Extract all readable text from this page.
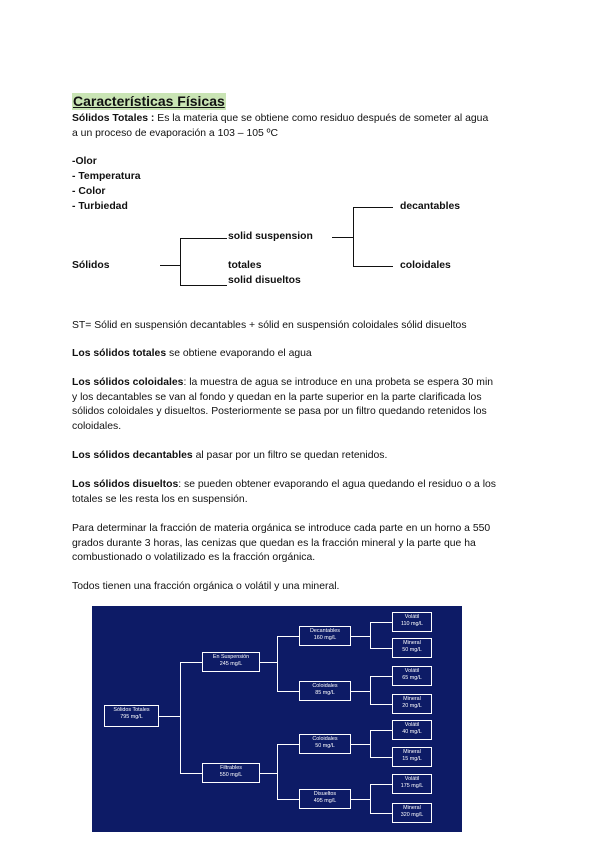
Características Físicas
Sólidos Totales : Es la materia que se obtiene como residuo después de someter al agua
a un proceso de evaporación a 103 – 105 ºC
-Olor
- Temperatura
- Color
- Turbiedad
Sólidos
solid suspension
totales
solid disueltos
decantables
coloidales
ST= Sólid en suspensión decantables + sólid en suspensión coloidales sólid disueltos
Los sólidos totales se obtiene evaporando el agua
Los sólidos coloidales: la muestra de agua se introduce en una probeta se espera 30 min
y los decantables se van al fondo y quedan en la parte superior en la parte clarificada los
sólidos coloidales y disueltos. Posteriormente se pasa por un filtro quedando retenidos los
coloidales.
Los sólidos decantables al pasar por un filtro se quedan retenidos.
Los sólidos disueltos: se pueden obtener evaporando el agua quedando el residuo o a los
totales se les resta los en suspensión.
Para determinar la fracción de materia orgánica se introduce cada parte en un horno a 550
grados durante 3 horas, las cenizas que quedan es la fracción mineral y la parte que ha
combustionado o volatilizado es la fracción orgánica.
Todos tienen una fracción orgánica o volátil y una mineral.
Sólidos Totales
795 mg/L
En Suspensión
245 mg/L
Filtrables
550 mg/L
Decantables
160 mg/L
Coloidales
85 mg/L
Coloidales
50 mg/L
Disueltos
495 mg/L
Volátil
110 mg/L
Mineral
50 mg/L
Volátil
65 mg/L
Mineral
20 mg/L
Volátil
40 mg/L
Mineral
15 mg/L
Volátil
175 mg/L
Mineral
320 mg/L
